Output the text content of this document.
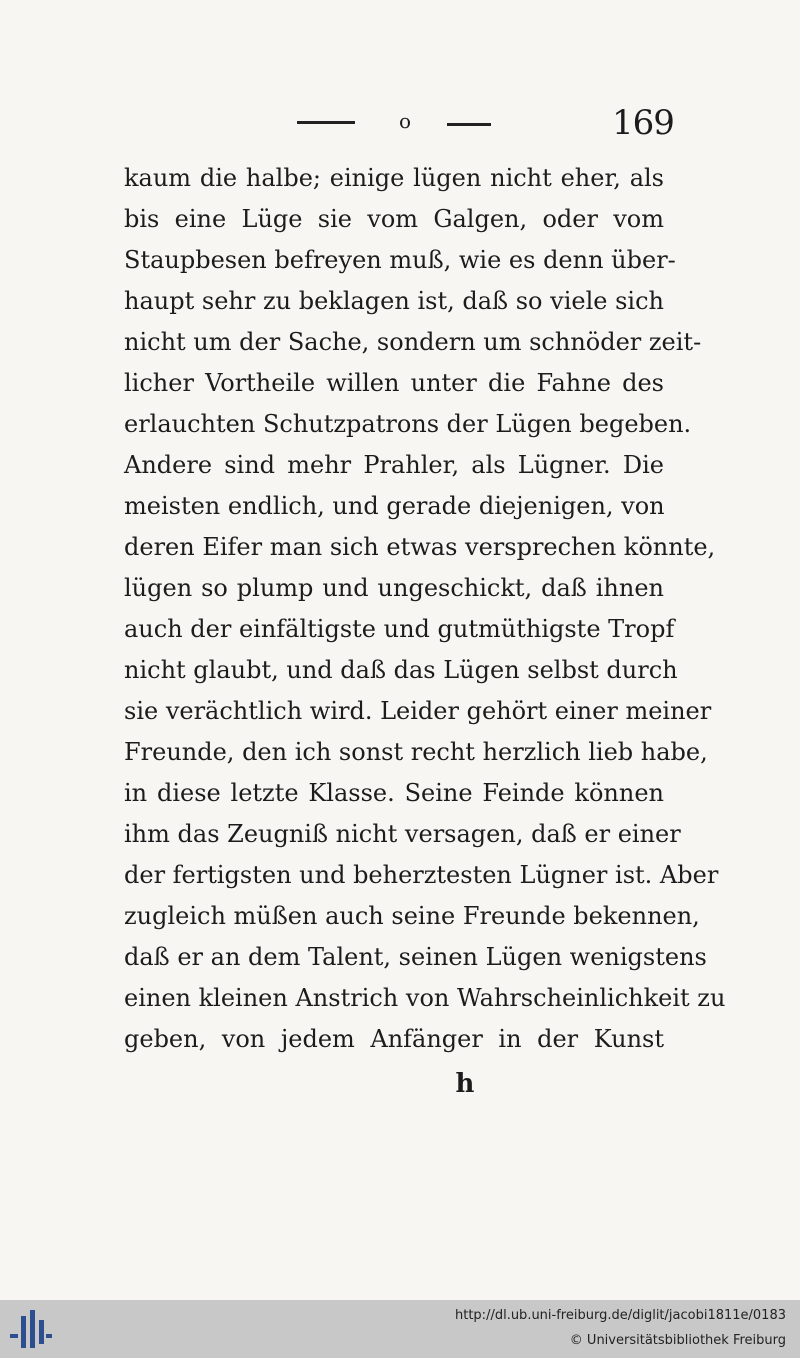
o	169
kaum die halbe; einige lügen nicht eher, als
bis eine Lüge sie vom Galgen, oder vom
Staupbesen befreyen muß, wie es denn über-
haupt sehr zu beklagen ist, daß so viele sich
nicht um der Sache, sondern um schnöder zeit-
licher Vortheile willen unter die Fahne des
erlauchten Schutzpatrons der Lügen begeben.
Andere sind mehr Prahler, als Lügner. Die
meisten endlich, und gerade diejenigen, von
deren Eifer man sich etwas versprechen könnte,
lügen so plump und ungeschickt, daß ihnen
auch der einfältigste und gutmüthigste Tropf
nicht glaubt, und daß das Lügen selbst durch
sie verächtlich wird. Leider gehört einer meiner
Freunde, den ich sonst recht herzlich lieb habe,
in diese letzte Klasse. Seine Feinde können
ihm das Zeugniß nicht versagen, daß er einer
der fertigsten und beherztesten Lügner ist. Aber
zugleich müßen auch seine Freunde bekennen,
daß er an dem Talent, seinen Lügen wenigstens
einen kleinen Anstrich von Wahrscheinlichkeit zu
geben, von jedem Anfänger in der Kunst
h
http://dl.ub.uni-freiburg.de/diglit/jacobi1811e/0183
© Universitätsbibliothek Freiburg
